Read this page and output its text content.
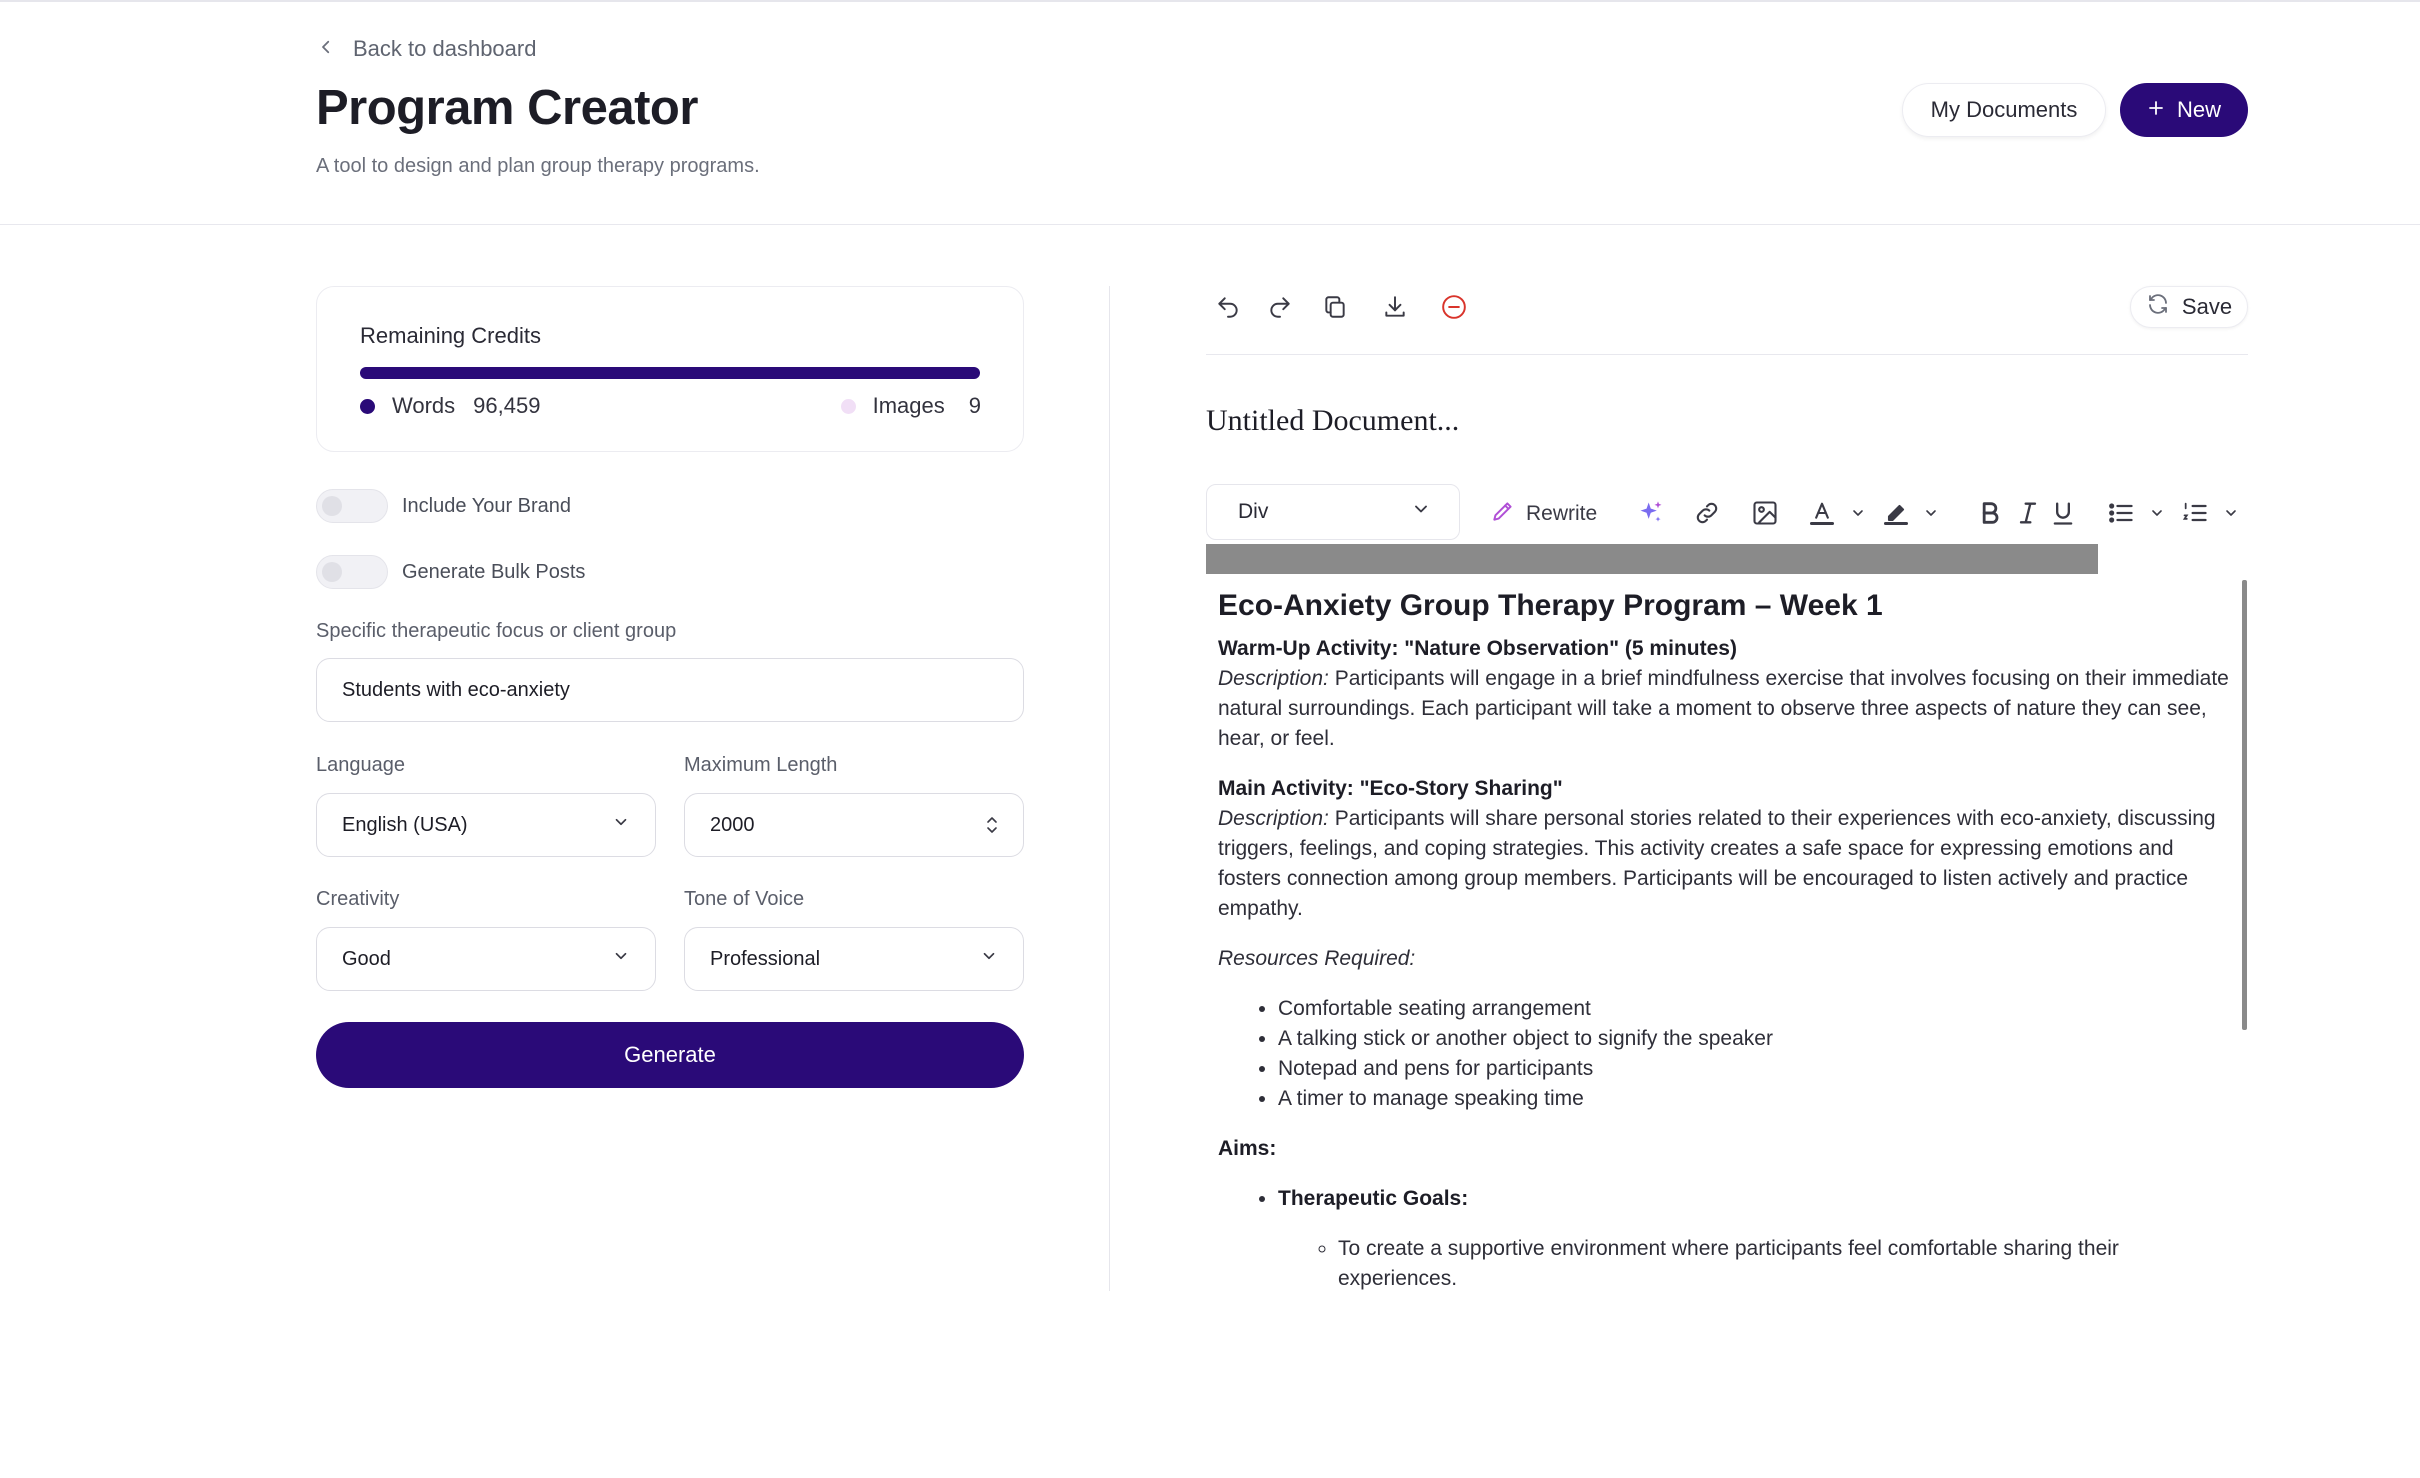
Back to dashboard
Program Creator
A tool to design and plan group therapy programs.
My Documents	New
Remaining Credits
Words 96,459	Images 9
Include Your Brand
Generate Bulk Posts
Specific therapeutic focus or client group
Students with eco-anxiety
Language
English (USA)
Maximum Length
2000
Creativity
Good
Tone of Voice
Professional
Generate
Save
Untitled Document...
Div	Rewrite
Eco-Anxiety Group Therapy Program – Week 1

Warm-Up Activity: "Nature Observation" (5 minutes)
Description: Participants will engage in a brief mindfulness exercise that involves focusing on their immediate natural surroundings. Each participant will take a moment to observe three aspects of nature they can see, hear, or feel.

Main Activity: "Eco-Story Sharing"
Description: Participants will share personal stories related to their experiences with eco-anxiety, discussing triggers, feelings, and coping strategies. This activity creates a safe space for expressing emotions and fosters connection among group members. Participants will be encouraged to listen actively and practice empathy.

Resources Required:

• Comfortable seating arrangement
• A talking stick or another object to signify the speaker
• Notepad and pens for participants
• A timer to manage speaking time

Aims:

• Therapeutic Goals:
◦ To create a supportive environment where participants feel comfortable sharing their experiences.
